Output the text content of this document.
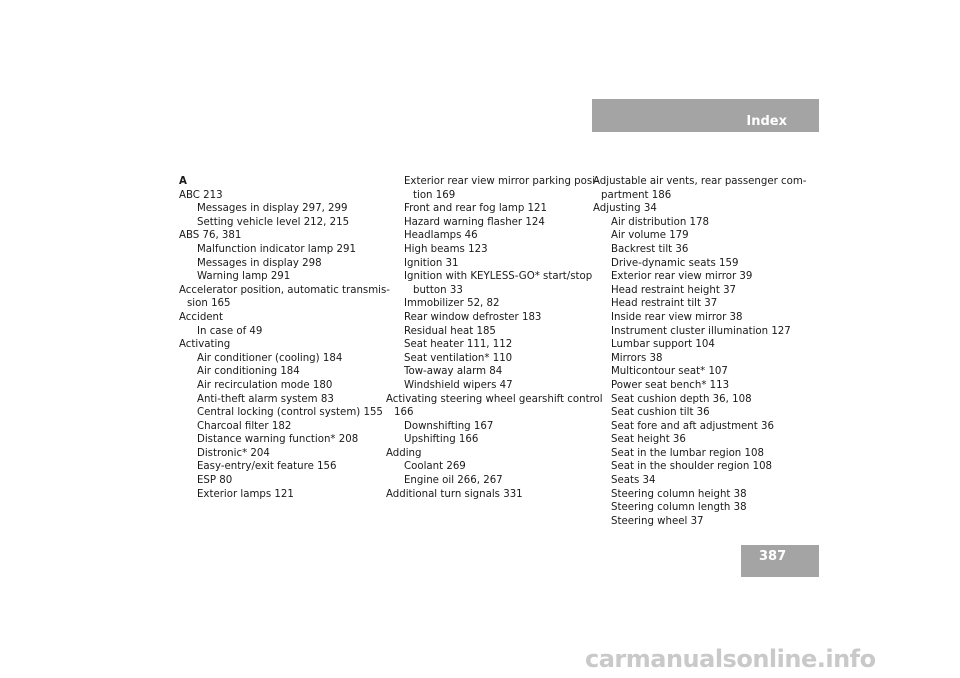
Index
A
ABC 213
Messages in display 297, 299
Setting vehicle level 212, 215
ABS 76, 381
Malfunction indicator lamp 291
Messages in display 298
Warning lamp 291
Accelerator position, automatic transmis-
sion 165
Accident
In case of 49
Activating
Air conditioner (cooling) 184
Air conditioning 184
Air recirculation mode 180
Anti-theft alarm system 83
Central locking (control system) 155
Charcoal filter 182
Distance warning function* 208
Distronic* 204
Easy-entry/exit feature 156
ESP 80
Exterior lamps 121
Exterior rear view mirror parking posi-
tion 169
Front and rear fog lamp 121
Hazard warning flasher 124
Headlamps 46
High beams 123
Ignition 31
Ignition with KEYLESS-GO* start/stop
button 33
Immobilizer 52, 82
Rear window defroster 183
Residual heat 185
Seat heater 111, 112
Seat ventilation* 110
Tow-away alarm 84
Windshield wipers 47
Activating steering wheel gearshift control
166
Downshifting 167
Upshifting 166
Adding
Coolant 269
Engine oil 266, 267
Additional turn signals 331
Adjustable air vents, rear passenger com-
partment 186
Adjusting 34
Air distribution 178
Air volume 179
Backrest tilt 36
Drive-dynamic seats 159
Exterior rear view mirror 39
Head restraint height 37
Head restraint tilt 37
Inside rear view mirror 38
Instrument cluster illumination 127
Lumbar support 104
Mirrors 38
Multicontour seat* 107
Power seat bench* 113
Seat cushion depth 36, 108
Seat cushion tilt 36
Seat fore and aft adjustment 36
Seat height 36
Seat in the lumbar region 108
Seat in the shoulder region 108
Seats 34
Steering column height 38
Steering column length 38
Steering wheel 37
387
carmanualsonline.info
